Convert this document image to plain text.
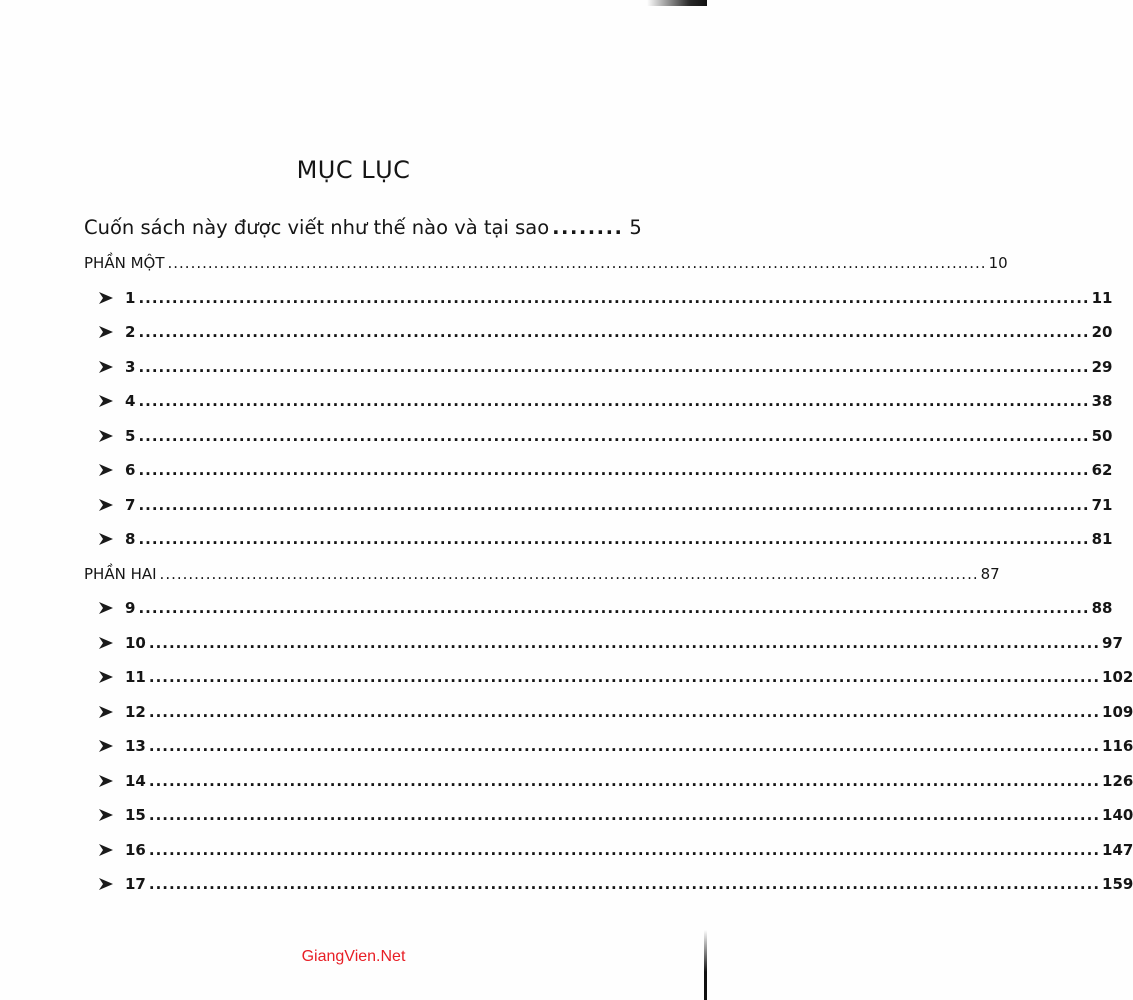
MỤC LỤC
Cuốn sách này được viết như thế nào và tại sao ........	5
PHẦN MỘT .....	10
1 .....	11
2 .....	20
3 .....	29
4 .....	38
5 .....	50
6 .....	62
7 .....	71
8 .....	81
PHẦN HAI .....	87
9 .....	88
10 .....	97
11 .....	102
12 .....	109
13 .....	116
14 .....	126
15 .....	140
16 .....	147
17 .....	159
GiangVien.Net
